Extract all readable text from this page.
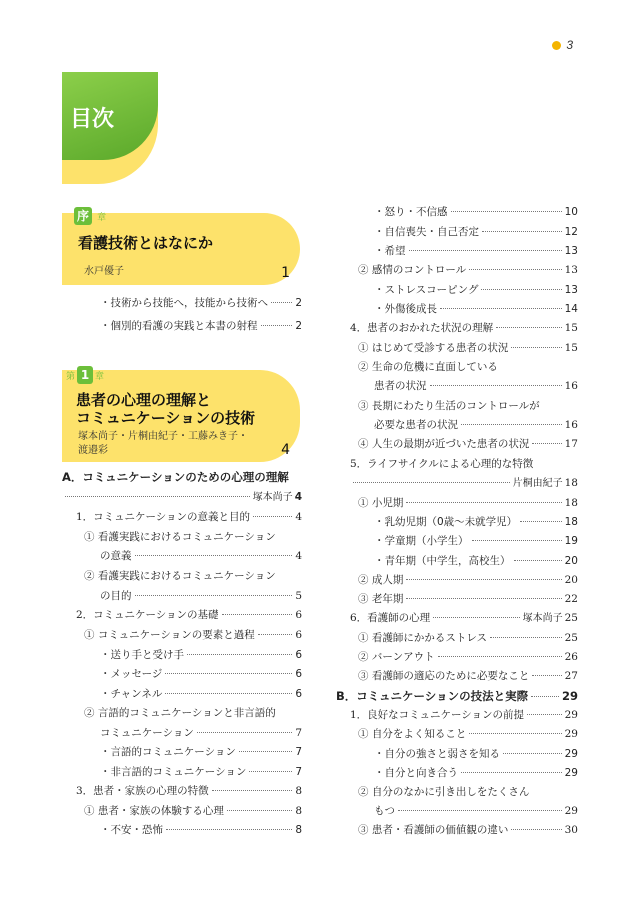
3
目次
序 章
看護技術とはなにか
水戸優子	1
第 1 章
患者の心理の理解と
コミュニケーションの技術
塚本尚子・片桐由紀子・工藤みき子・
渡邉彩	4
・技術から技能へ，技能から技術へ	2
・個別的看護の実践と本書の射程	2
A．コミュニケーションのための心理の理解
塚本尚子 4
1．コミュニケーションの意義と目的	4
① 看護実践におけるコミュニケーション
の意義	4
② 看護実践におけるコミュニケーション
の目的	5
2．コミュニケーションの基礎	6
① コミュニケーションの要素と過程	6
・送り手と受け手	6
・メッセージ	6
・チャンネル	6
② 言語的コミュニケーションと非言語的
コミュニケーション	7
・言語的コミュニケーション	7
・非言語的コミュニケーション	7
3．患者・家族の心理の特徴	8
① 患者・家族の体験する心理	8
・不安・恐怖	8
・怒り・不信感	10
・自信喪失・自己否定	12
・希望	13
② 感情のコントロール	13
・ストレスコーピング	13
・外傷後成長	14
4．患者のおかれた状況の理解	15
① はじめて受診する患者の状況	15
② 生命の危機に直面している
患者の状況	16
③ 長期にわたり生活のコントロールが
必要な患者の状況	16
④ 人生の最期が近づいた患者の状況	17
5．ライフサイクルによる心理的な特徴
片桐由紀子 18
① 小児期	18
・乳幼児期（0歳〜未就学児）	18
・学童期（小学生）	19
・青年期（中学生，高校生）	20
② 成人期	20
③ 老年期	22
6．看護師の心理	塚本尚子 25
① 看護師にかかるストレス	25
② バーンアウト	26
③ 看護師の適応のために必要なこと	27
B．コミュニケーションの技法と実際	29
1．良好なコミュニケーションの前提	29
① 自分をよく知ること	29
・自分の強さと弱さを知る	29
・自分と向き合う	29
② 自分のなかに引き出しをたくさん
もつ	29
③ 患者・看護師の価値観の違い	30
